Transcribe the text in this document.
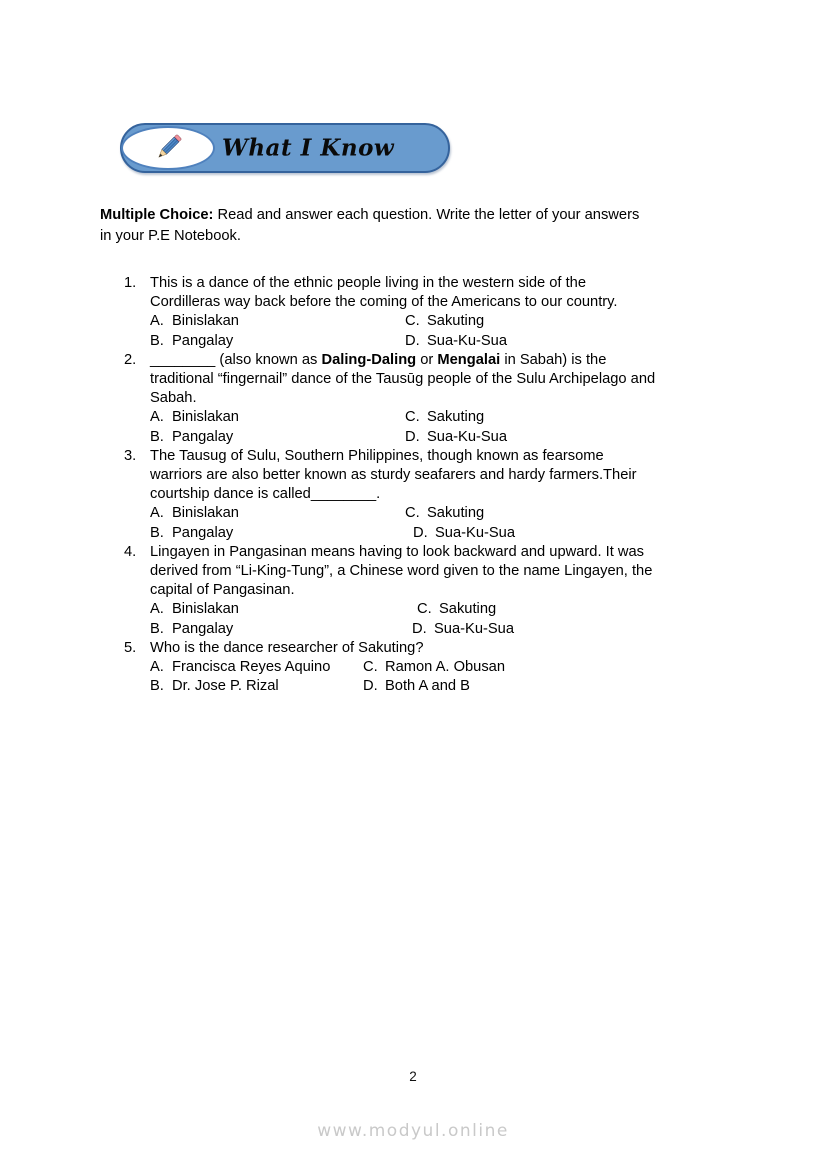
What I Know
Multiple Choice: Read and answer each question. Write the letter of your answers
in your P.E Notebook.
1. This is a dance of the ethnic people living in the western side of the
Cordilleras way back before the coming of the Americans to our country.
A. Binislakan	C. Sakuting
B. Pangalay	D. Sua-Ku-Sua
2. ________ (also known as Daling-Daling or Mengalai in Sabah) is the
traditional “fingernail” dance of the Tausūg people of the Sulu Archipelago and
Sabah.
A. Binislakan	C. Sakuting
B. Pangalay	D. Sua-Ku-Sua
3. The Tausug of Sulu, Southern Philippines, though known as fearsome
warriors are also better known as sturdy seafarers and hardy farmers.Their
courtship dance is called________.
A. Binislakan	C. Sakuting
B. Pangalay	D. Sua-Ku-Sua
4. Lingayen in Pangasinan means having to look backward and upward. It was
derived from “Li-King-Tung”, a Chinese word given to the name Lingayen, the
capital of Pangasinan.
A. Binislakan	C. Sakuting
B. Pangalay	D. Sua-Ku-Sua
5. Who is the dance researcher of Sakuting?
A. Francisca Reyes Aquino	C. Ramon A. Obusan
B. Dr. Jose P. Rizal	D. Both A and B
2
www.modyul.online
